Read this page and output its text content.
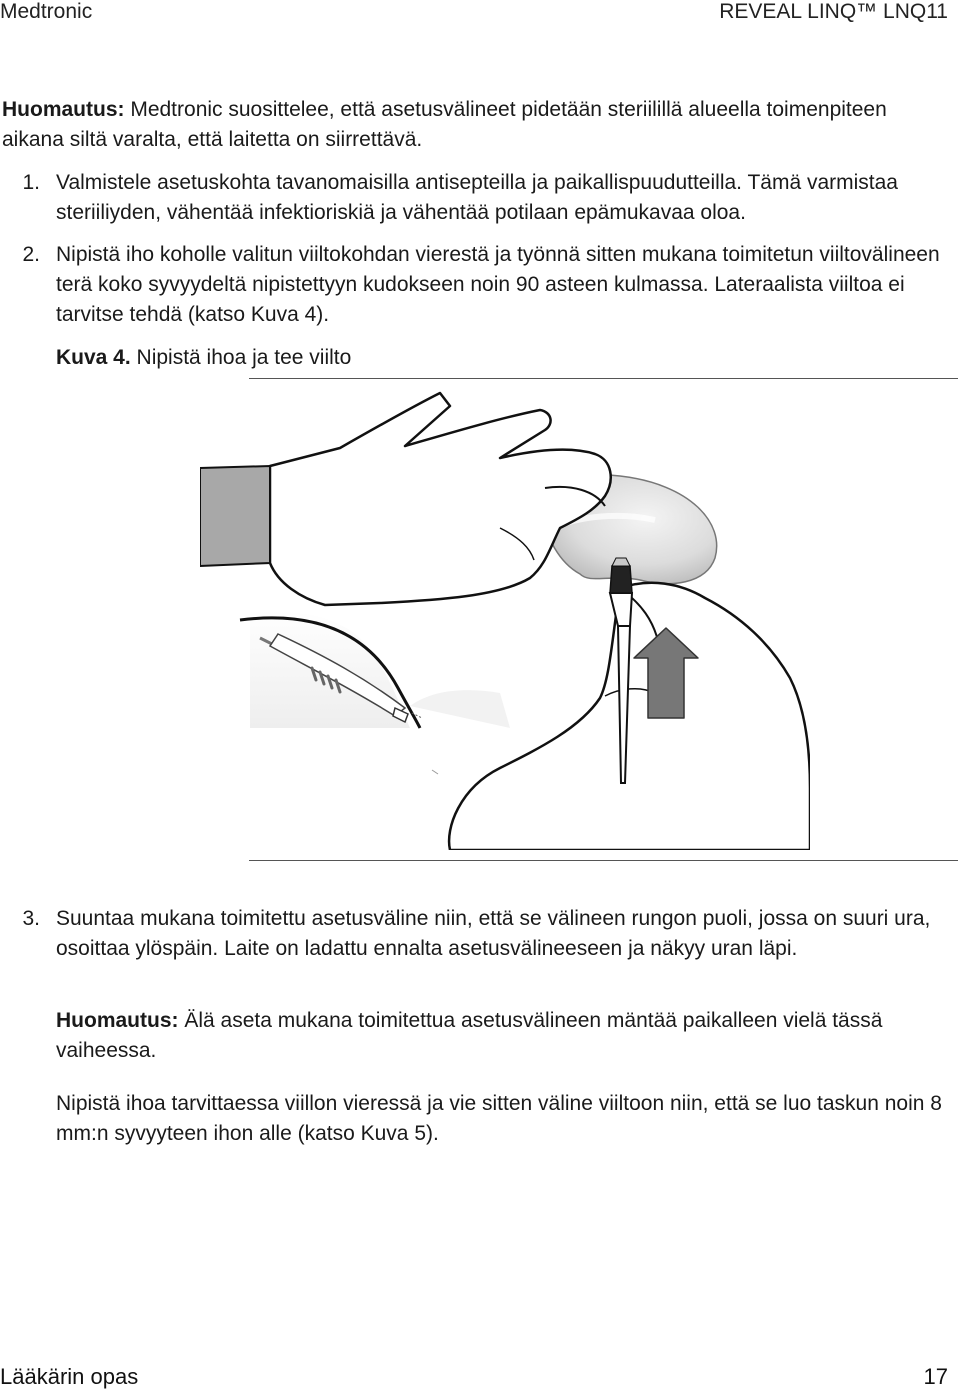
Medtronic	REVEAL LINQ™ LNQ11

Huomautus: Medtronic suosittelee, että asetusvälineet pidetään steriilillä alueella toimenpiteen aikana siltä varalta, että laitetta on siirrettävä.

1. Valmistele asetuskohta tavanomaisilla antisepteilla ja paikallispuudutteilla. Tämä varmistaa steriiliyden, vähentää infektioriskiä ja vähentää potilaan epämukavaa oloa.
2. Nipistä iho koholle valitun viiltokohdan vierestä ja työnnä sitten mukana toimitetun viiltovälineen terä koko syvyydeltä nipistettyyn kudokseen noin 90 asteen kulmassa. Lateraalista viiltoa ei tarvitse tehdä (katso Kuva 4).
Kuva 4. Nipistä ihoa ja tee viilto
3. Suuntaa mukana toimitettu asetusväline niin, että se välineen rungon puoli, jossa on suuri ura, osoittaa ylöspäin. Laite on ladattu ennalta asetusvälineeseen ja näkyy uran läpi.

Huomautus: Älä aseta mukana toimitettua asetusvälineen mäntää paikalleen vielä tässä vaiheessa.

Nipistä ihoa tarvittaessa viillon vieressä ja vie sitten väline viiltoon niin, että se luo taskun noin 8 mm:n syvyyteen ihon alle (katso Kuva 5).

Lääkärin opas	17
